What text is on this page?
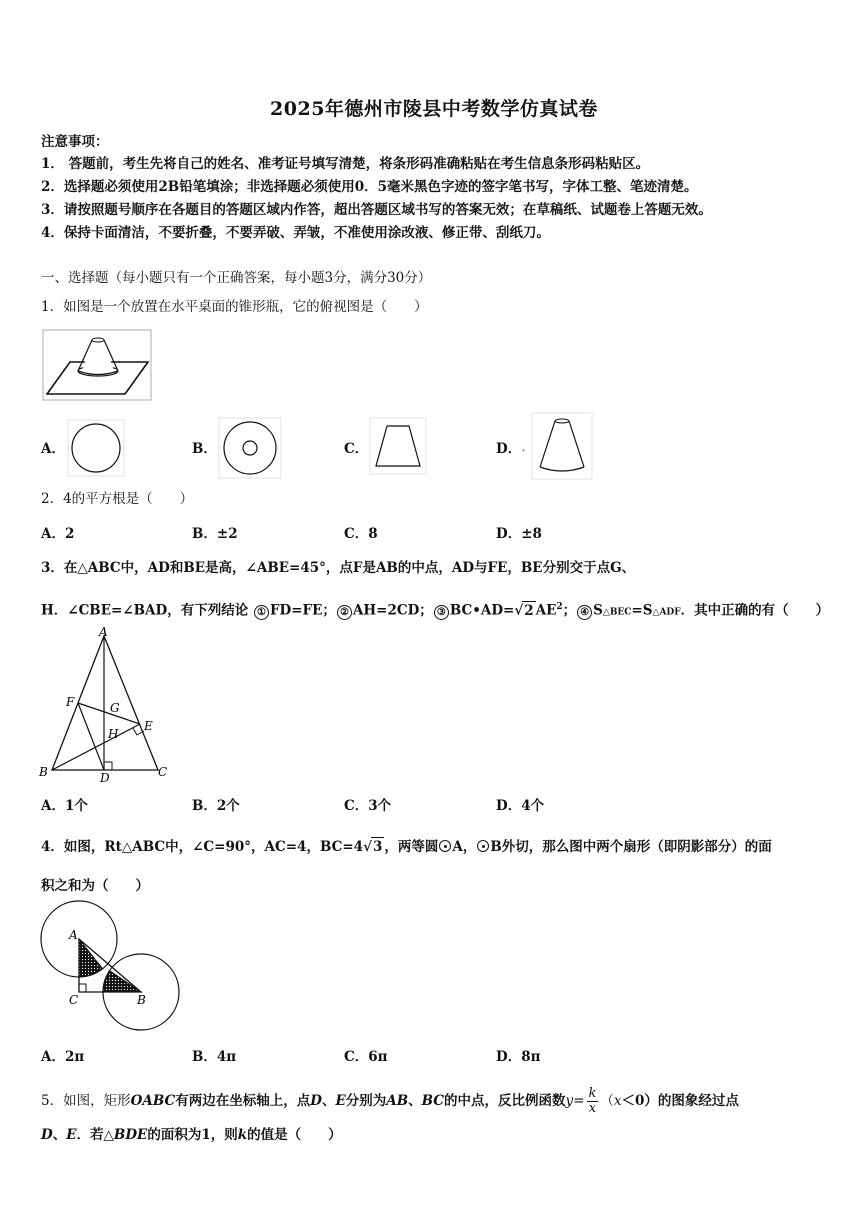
2025年德州市陵县中考数学仿真试卷
注意事项：
1． 答题前，考生先将自己的姓名、准考证号填写清楚，将条形码准确粘贴在考生信息条形码粘贴区。
2．选择题必须使用2B铅笔填涂；非选择题必须使用0．5毫米黑色字迹的签字笔书写，字体工整、笔迹清楚。
3．请按照题号顺序在各题目的答题区域内作答，超出答题区域书写的答案无效；在草稿纸、试题卷上答题无效。
4．保持卡面清洁，不要折叠，不要弄破、弄皱，不准使用涂改液、修正带、刮纸刀。
一、选择题（每小题只有一个正确答案，每小题3分，满分30分）
1．如图是一个放置在水平桌面的锥形瓶，它的俯视图是（　　）
A．	B．	C．	D． ˛
2．4的平方根是（　　）
A．2	B．±2	C．8	D．±8
3．在△ABC中，AD和BE是高，∠ABE=45°，点F是AB的中点，AD与FE，BE分别交于点G、
H．∠CBE=∠BAD，有下列结论 ① FD=FE； ② AH=2CD； ③ BC•AD=√2 $AE^2$； ④ S△BEC=S△ADF．其中正确的有（　　）
A
F	G
E
H
B	D	C
A．1个	B．2个	C．3个	D．4个
4．如图，Rt△ABC中，∠C=90°，AC=4，BC=4√3 ，两等圆 A， B外切，那么图中两个扇形（即阴影部分）的面
积之和为（　　）
A
C	B
A．2π	B．4π	C．6π	D．8π
5．如图，矩形OABC有两边在坐标轴上，点D、E分别为AB、BC的中点，反比例函数$y= \frac{k}{x} (x<0)$的图象经过点
D、E．若△BDE的面积为1，则k的值是（　　）
